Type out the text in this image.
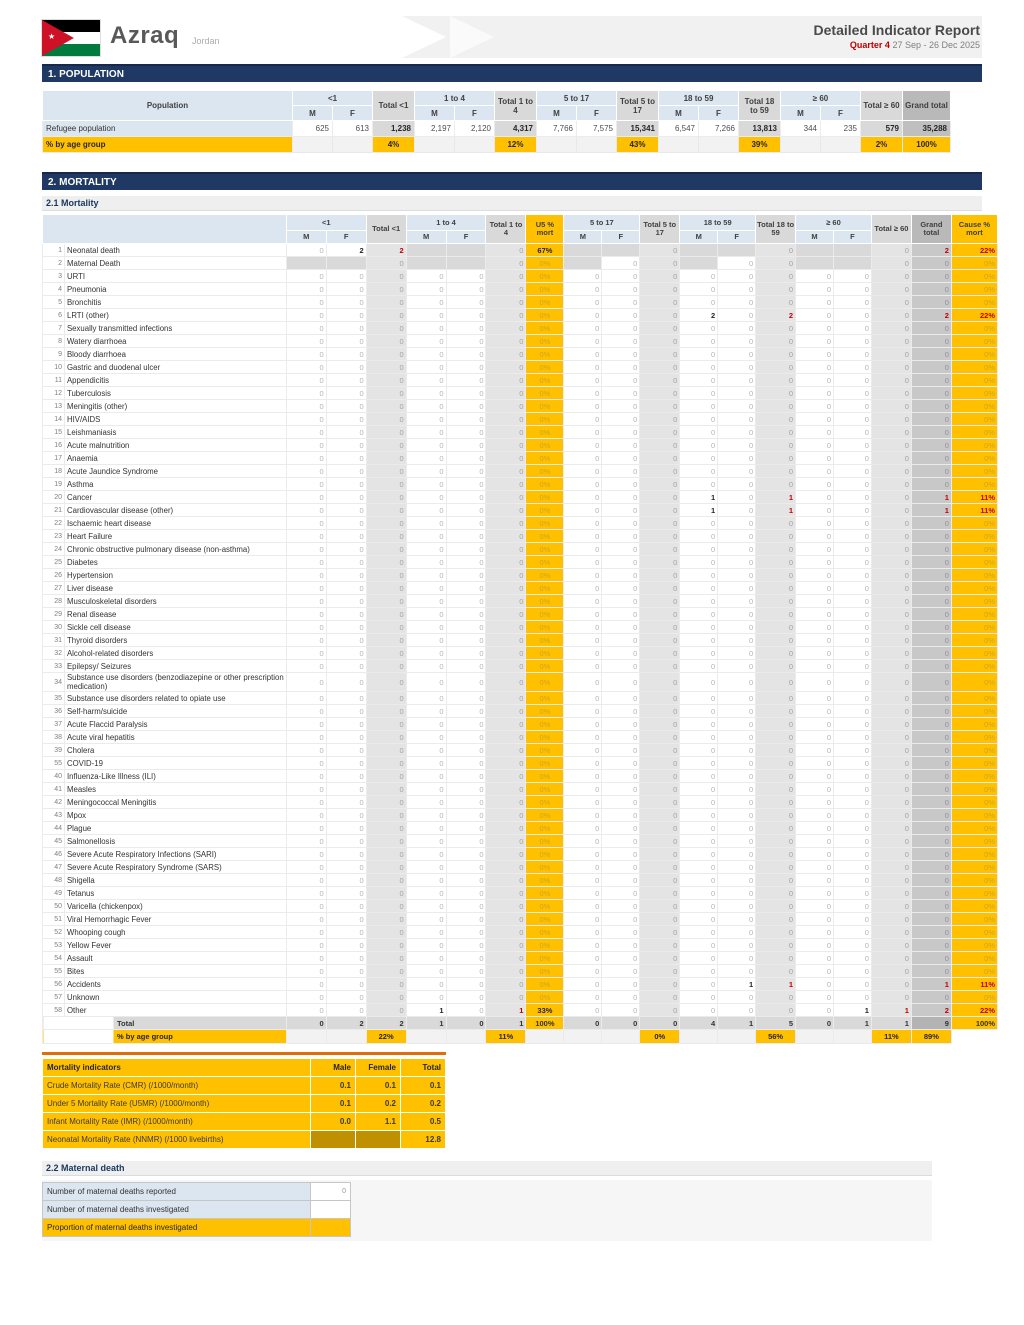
★ Azraq Jordan
Detailed Indicator Report
Quarter 4 27 Sep - 26 Dec 2025
1. POPULATION
Population	<1		Total <1	1 to 4		Total 1 to 4	5 to 17		Total 5 to 17	18 to 59		Total 18 to 59	≥ 60		Total ≥ 60	Grand total
	M	F		M	F		M	F		M	F		M	F		
Refugee population	625	613	1,238	2,197	2,120	4,317	7,766	7,575	15,341	6,547	7,266	13,813	344	235	579	35,288
% by age group			4%			12%			43%			39%			2%	100%
2. MORTALITY
2.1 Mortality
		<1		Total <1	1 to 4		Total 1 to 4	U5 % mort	5 to 17		Total 5 to 17	18 to 59		Total 18 to 59	≥ 60		Total ≥ 60	Grand total	Cause % mort
		M	F		M	F			M	F		M	F		M	F			
1	Neonatal death	0	2	2			0	67%			0			0			0	2	22%
2	Maternal Death			0			0	0%		0	0		0	0			0	0	0%
3	URTI	0	0	0	0	0	0	0%	0	0	0	0	0	0	0	0	0	0	0%
4	Pneumonia	0	0	0	0	0	0	0%	0	0	0	0	0	0	0	0	0	0	0%
5	Bronchitis	0	0	0	0	0	0	0%	0	0	0	0	0	0	0	0	0	0	0%
6	LRTI (other)	0	0	0	0	0	0	0%	0	0	0	2	0	2	0	0	0	2	22%
7	Sexually transmitted infections	0	0	0	0	0	0	0%	0	0	0	0	0	0	0	0	0	0	0%
8	Watery diarrhoea	0	0	0	0	0	0	0%	0	0	0	0	0	0	0	0	0	0	0%
9	Bloody diarrhoea	0	0	0	0	0	0	0%	0	0	0	0	0	0	0	0	0	0	0%
10	Gastric and duodenal ulcer	0	0	0	0	0	0	0%	0	0	0	0	0	0	0	0	0	0	0%
11	Appendicitis	0	0	0	0	0	0	0%	0	0	0	0	0	0	0	0	0	0	0%
12	Tuberculosis	0	0	0	0	0	0	0%	0	0	0	0	0	0	0	0	0	0	0%
13	Meningitis (other)	0	0	0	0	0	0	0%	0	0	0	0	0	0	0	0	0	0	0%
14	HIV/AIDS	0	0	0	0	0	0	0%	0	0	0	0	0	0	0	0	0	0	0%
15	Leishmaniasis	0	0	0	0	0	0	0%	0	0	0	0	0	0	0	0	0	0	0%
16	Acute malnutrition	0	0	0	0	0	0	0%	0	0	0	0	0	0	0	0	0	0	0%
17	Anaemia	0	0	0	0	0	0	0%	0	0	0	0	0	0	0	0	0	0	0%
18	Acute Jaundice Syndrome	0	0	0	0	0	0	0%	0	0	0	0	0	0	0	0	0	0	0%
19	Asthma	0	0	0	0	0	0	0%	0	0	0	0	0	0	0	0	0	0	0%
20	Cancer	0	0	0	0	0	0	0%	0	0	0	1	0	1	0	0	0	1	11%
21	Cardiovascular disease (other)	0	0	0	0	0	0	0%	0	0	0	1	0	1	0	0	0	1	11%
22	Ischaemic heart disease	0	0	0	0	0	0	0%	0	0	0	0	0	0	0	0	0	0	0%
23	Heart Failure	0	0	0	0	0	0	0%	0	0	0	0	0	0	0	0	0	0	0%
24	Chronic obstructive pulmonary disease (non-asthma)	0	0	0	0	0	0	0%	0	0	0	0	0	0	0	0	0	0	0%
25	Diabetes	0	0	0	0	0	0	0%	0	0	0	0	0	0	0	0	0	0	0%
26	Hypertension	0	0	0	0	0	0	0%	0	0	0	0	0	0	0	0	0	0	0%
27	Liver disease	0	0	0	0	0	0	0%	0	0	0	0	0	0	0	0	0	0	0%
28	Musculoskeletal disorders	0	0	0	0	0	0	0%	0	0	0	0	0	0	0	0	0	0	0%
29	Renal disease	0	0	0	0	0	0	0%	0	0	0	0	0	0	0	0	0	0	0%
30	Sickle cell disease	0	0	0	0	0	0	0%	0	0	0	0	0	0	0	0	0	0	0%
31	Thyroid disorders	0	0	0	0	0	0	0%	0	0	0	0	0	0	0	0	0	0	0%
32	Alcohol-related disorders	0	0	0	0	0	0	0%	0	0	0	0	0	0	0	0	0	0	0%
33	Epilepsy/ Seizures	0	0	0	0	0	0	0%	0	0	0	0	0	0	0	0	0	0	0%
34	Substance use disorders (benzodiazepine or other prescription medication)	0	0	0	0	0	0	0%	0	0	0	0	0	0	0	0	0	0	0%
35	Substance use disorders related to opiate use	0	0	0	0	0	0	0%	0	0	0	0	0	0	0	0	0	0	0%
36	Self-harm/suicide	0	0	0	0	0	0	0%	0	0	0	0	0	0	0	0	0	0	0%
37	Acute Flaccid Paralysis	0	0	0	0	0	0	0%	0	0	0	0	0	0	0	0	0	0	0%
38	Acute viral hepatitis	0	0	0	0	0	0	0%	0	0	0	0	0	0	0	0	0	0	0%
39	Cholera	0	0	0	0	0	0	0%	0	0	0	0	0	0	0	0	0	0	0%
55	COVID-19	0	0	0	0	0	0	0%	0	0	0	0	0	0	0	0	0	0	0%
40	Influenza-Like Illness (ILI)	0	0	0	0	0	0	0%	0	0	0	0	0	0	0	0	0	0	0%
41	Measles	0	0	0	0	0	0	0%	0	0	0	0	0	0	0	0	0	0	0%
42	Meningococcal Meningitis	0	0	0	0	0	0	0%	0	0	0	0	0	0	0	0	0	0	0%
43	Mpox	0	0	0	0	0	0	0%	0	0	0	0	0	0	0	0	0	0	0%
44	Plague	0	0	0	0	0	0	0%	0	0	0	0	0	0	0	0	0	0	0%
45	Salmonellosis	0	0	0	0	0	0	0%	0	0	0	0	0	0	0	0	0	0	0%
46	Severe Acute Respiratory Infections (SARI)	0	0	0	0	0	0	0%	0	0	0	0	0	0	0	0	0	0	0%
47	Severe Acute Respiratory Syndrome (SARS)	0	0	0	0	0	0	0%	0	0	0	0	0	0	0	0	0	0	0%
48	Shigella	0	0	0	0	0	0	0%	0	0	0	0	0	0	0	0	0	0	0%
49	Tetanus	0	0	0	0	0	0	0%	0	0	0	0	0	0	0	0	0	0	0%
50	Varicella (chickenpox)	0	0	0	0	0	0	0%	0	0	0	0	0	0	0	0	0	0	0%
51	Viral Hemorrhagic Fever	0	0	0	0	0	0	0%	0	0	0	0	0	0	0	0	0	0	0%
52	Whooping cough	0	0	0	0	0	0	0%	0	0	0	0	0	0	0	0	0	0	0%
53	Yellow Fever	0	0	0	0	0	0	0%	0	0	0	0	0	0	0	0	0	0	0%
54	Assault	0	0	0	0	0	0	0%	0	0	0	0	0	0	0	0	0	0	0%
55	Bites	0	0	0	0	0	0	0%	0	0	0	0	0	0	0	0	0	0	0%
56	Accidents	0	0	0	0	0	0	0%	0	0	0	0	1	1	0	0	0	1	11%
57	Unknown	0	0	0	0	0	0	0%	0	0	0	0	0	0	0	0	0	0	0%
58	Other	0	0	0	1	0	1	33%	0	0	0	0	0	0	0	1	1	2	22%
Total		0	2	2	1	0	1	100%	0	0	0	4	1	5	0	1	1	9	100%
% by age group				22%			11%				0%			56%			11%	89%	
Mortality indicators	Male	Female	Total
Crude Mortality Rate (CMR) (/1000/month)	0.1	0.1	0.1
Under 5 Mortality Rate (U5MR) (/1000/month)	0.1	0.2	0.2
Infant Mortality Rate (IMR) (/1000/month)	0.0	1.1	0.5
Neonatal Mortality Rate (NNMR) (/1000 livebirths)			12.8
2.2 Maternal death
Number of maternal deaths reported	0
Number of maternal deaths investigated	
Proportion of maternal deaths investigated	
